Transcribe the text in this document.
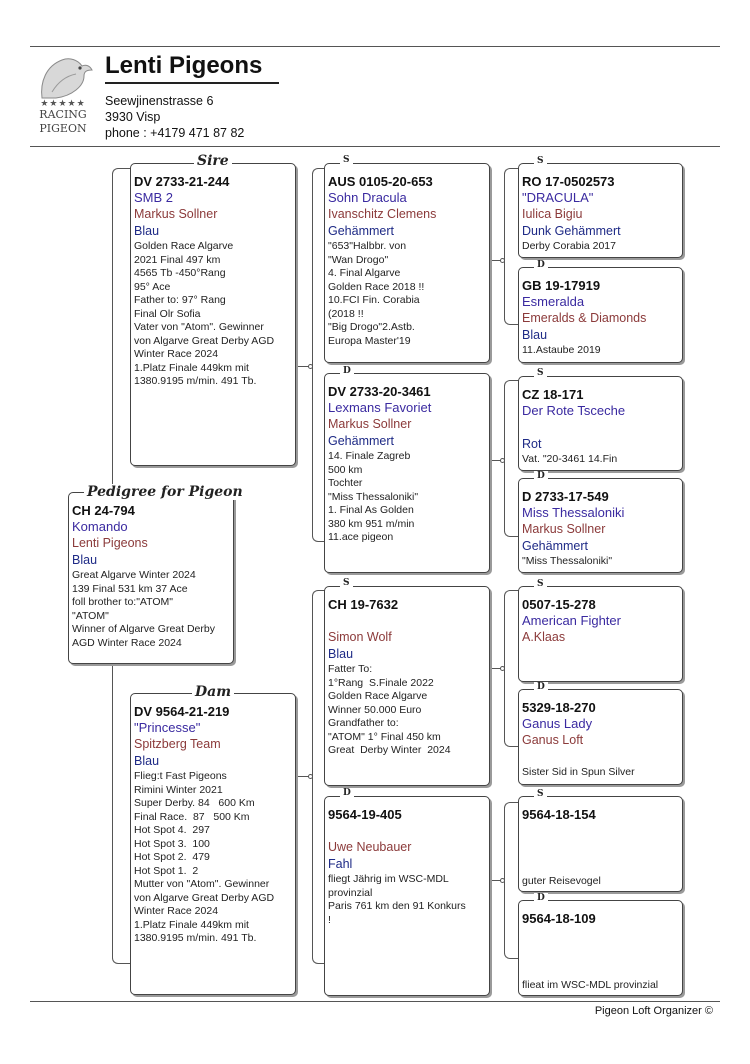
★★★★★
RACING
PIGEON
Lenti Pigeons
Seewjinenstrasse 6
3930 Visp
phone : +4179 471 87 82
CH 24-794
Komando
Lenti Pigeons
Blau
Great Algarve Winter 2024
139 Final 531 km 37 Ace
foll brother to:"ATOM"
"ATOM"
Winner of Algarve Great Derby
AGD Winter Race 2024
Pedigree for Pigeon
DV 2733-21-244
SMB 2
Markus Sollner
Blau
Golden Race Algarve
2021 Final 497 km
4565 Tb -450°Rang
95° Ace
Father to: 97° Rang
Final Olr Sofia
Vater von "Atom". Gewinner
von Algarve Great Derby AGD
Winter Race 2024
1.Platz Finale 449km mit
1380.9195 m/min. 491 Tb.
Sire
DV 9564-21-219
"Princesse"
Spitzberg Team
Blau
Flieg:t Fast Pigeons
Rimini Winter 2021
Super Derby. 84   600 Km
Final Race.  87   500 Km
Hot Spot 4.  297
Hot Spot 3.  100
Hot Spot 2.  479
Hot Spot 1.  2
Mutter von "Atom". Gewinner
von Algarve Great Derby AGD
Winter Race 2024
1.Platz Finale 449km mit
1380.9195 m/min. 491 Tb.
Dam
AUS 0105-20-653
Sohn Dracula
Ivanschitz Clemens
Gehämmert
"653"Halbbr. von
"Wan Drogo"
4. Final Algarve
Golden Race 2018 !!
10.FCI Fin. Corabia
(2018 !!
"Big Drogo"2.Astb.
Europa Master'19
S
DV 2733-20-3461
Lexmans Favoriet
Markus Sollner
Gehämmert
14. Finale Zagreb
500 km
Tochter
"Miss Thessaloniki"
1. Final As Golden
380 km 951 m/min
11.ace pigeon
D
CH 19-7632

Simon Wolf
Blau
Fatter To:
1°Rang  S.Finale 2022
Golden Race Algarve
Winner 50.000 Euro
Grandfather to:
"ATOM" 1° Final 450 km
Great  Derby Winter  2024
S
9564-19-405

Uwe Neubauer
Fahl
fliegt Jährig im WSC-MDL
provinzial
Paris 761 km den 91 Konkurs
!
D
RO 17-0502573
"DRACULA"
Iulica Bigiu
Dunk Gehämmert
Derby Corabia 2017
S
GB 19-17919
Esmeralda
Emeralds & Diamonds
Blau
11.Astaube 2019
D
CZ 18-171
Der Rote Tsceche
Rot
Vat. "20-3461 14.Fin
S
D 2733-17-549
Miss Thessaloniki
Markus Sollner
Gehämmert
"Miss Thessaloniki"
D
0507-15-278
American Fighter
A.Klaas
S
5329-18-270
Ganus Lady
Ganus Loft
Sister Sid in Spun Silver
D
9564-18-154
guter Reisevogel
S
9564-18-109
flieat im WSC-MDL provinzial
D
Pigeon Loft Organizer ©
